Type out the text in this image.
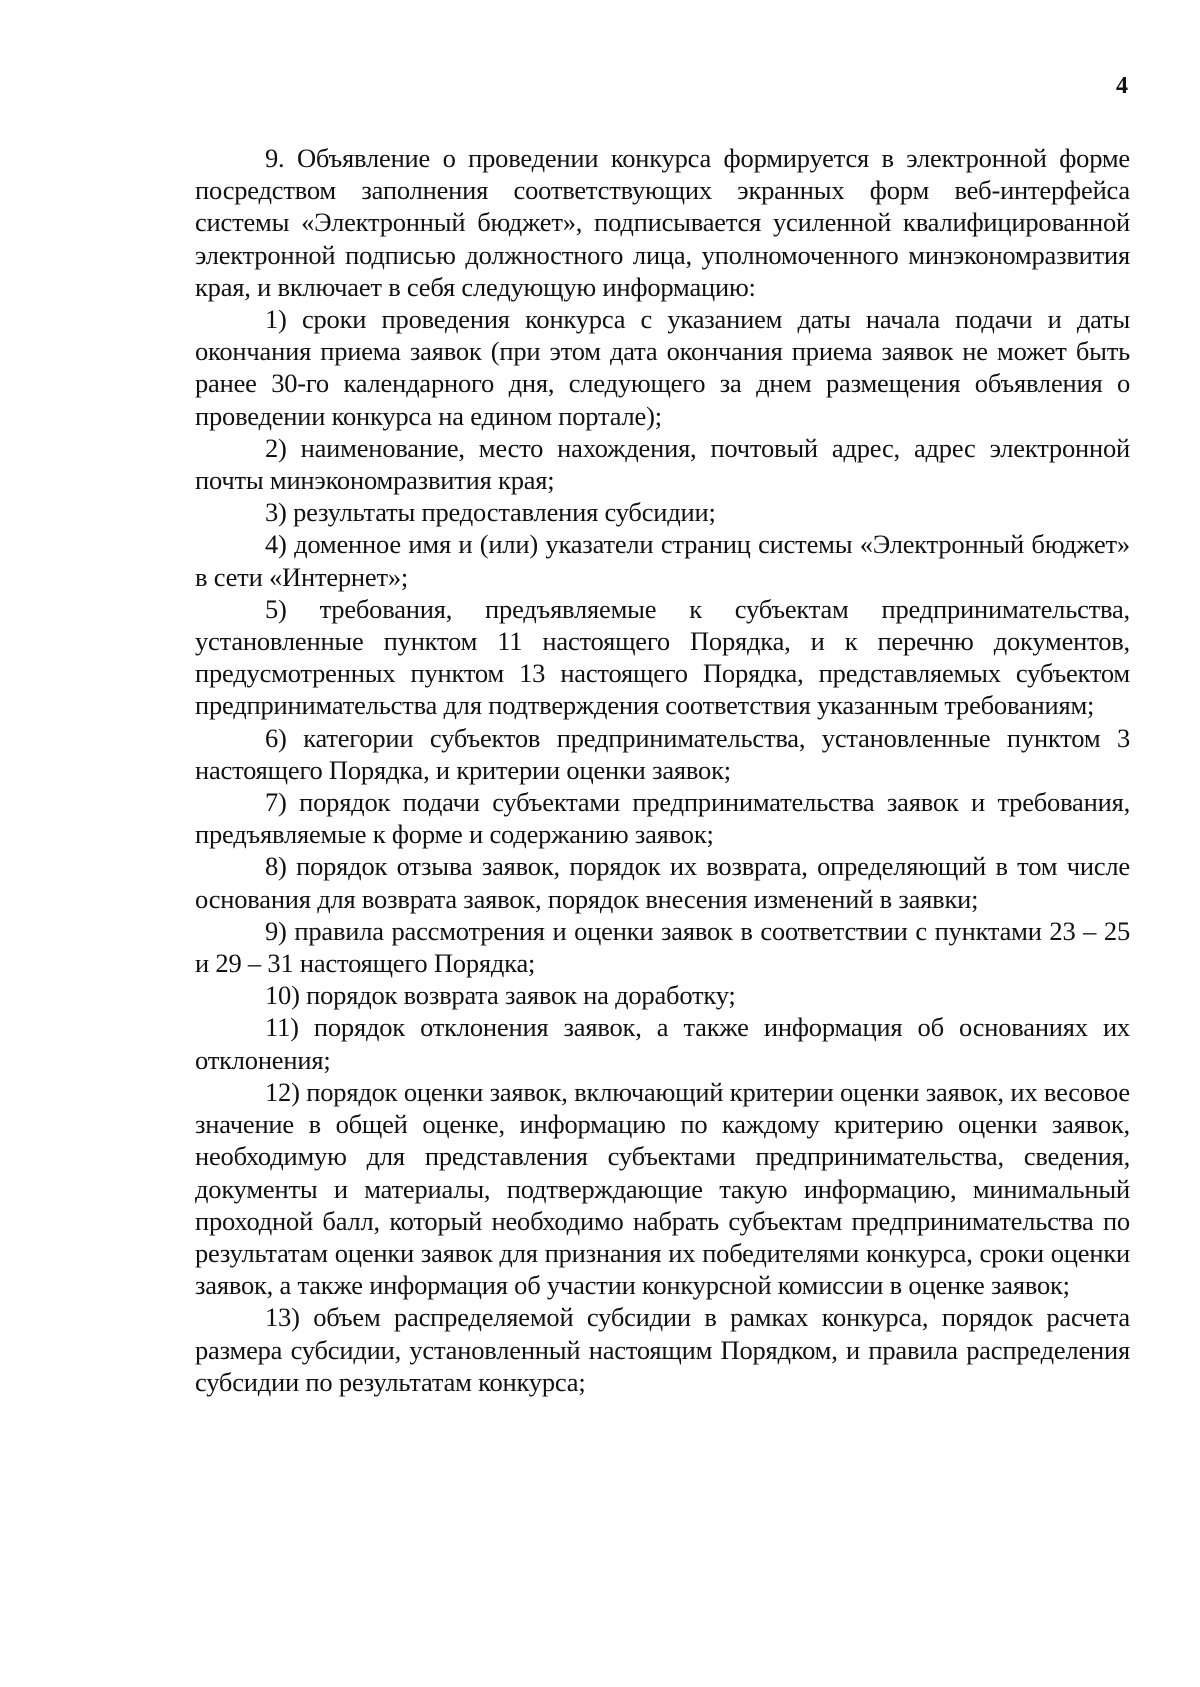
4

9. Объявление о проведении конкурса формируется в электронной форме посредством заполнения соответствующих экранных форм веб-интерфейса системы «Электронный бюджет», подписывается усиленной квалифицированной электронной подписью должностного лица, уполномоченного минэкономразвития края, и включает в себя следующую информацию:

1) сроки проведения конкурса с указанием даты начала подачи и даты окончания приема заявок (при этом дата окончания приема заявок не может быть ранее 30-го календарного дня, следующего за днем размещения объявления о проведении конкурса на едином портале);

2) наименование, место нахождения, почтовый адрес, адрес электронной почты минэкономразвития края;

3) результаты предоставления субсидии;

4) доменное имя и (или) указатели страниц системы «Электронный бюджет» в сети «Интернет»;

5) требования, предъявляемые к субъектам предпринимательства, установленные пунктом 11 настоящего Порядка, и к перечню документов, предусмотренных пунктом 13 настоящего Порядка, представляемых субъектом предпринимательства для подтверждения соответствия указанным требованиям;

6) категории субъектов предпринимательства, установленные пунктом 3 настоящего Порядка, и критерии оценки заявок;

7) порядок подачи субъектами предпринимательства заявок и требования, предъявляемые к форме и содержанию заявок;

8) порядок отзыва заявок, порядок их возврата, определяющий в том числе основания для возврата заявок, порядок внесения изменений в заявки;

9) правила рассмотрения и оценки заявок в соответствии с пунктами 23 – 25 и 29 – 31 настоящего Порядка;

10) порядок возврата заявок на доработку;

11) порядок отклонения заявок, а также информация об основаниях их отклонения;

12) порядок оценки заявок, включающий критерии оценки заявок, их весовое значение в общей оценке, информацию по каждому критерию оценки заявок, необходимую для представления субъектами предпринимательства, сведения, документы и материалы, подтверждающие такую информацию, минимальный проходной балл, который необходимо набрать субъектам предпринимательства по результатам оценки заявок для признания их победителями конкурса, сроки оценки заявок, а также информация об участии конкурсной комиссии в оценке заявок;

13) объем распределяемой субсидии в рамках конкурса, порядок расчета размера субсидии, установленный настоящим Порядком, и правила распределения субсидии по результатам конкурса;
